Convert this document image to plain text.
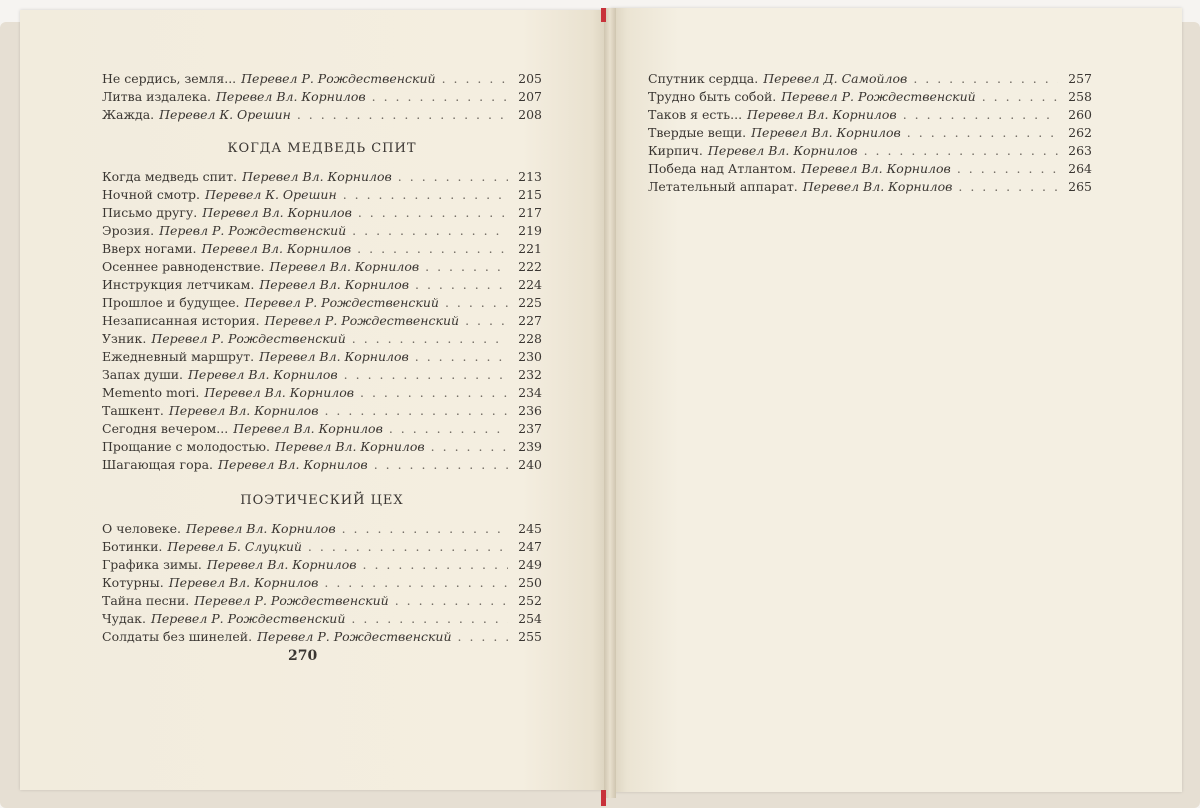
Не сердись, земля... Перевел Р. Рождественский . . .	205
Литва издалека. Перевел Вл. Корнилов . . .	207
Жажда. Перевел К. Орешин . . .	208
КОГДА МЕДВЕДЬ СПИТ
Когда медведь спит. Перевел Вл. Корнилов . . .	213
Ночной смотр. Перевел К. Орешин . . .	215
Письмо другу. Перевел Вл. Корнилов . . .	217
Эрозия. Перевл Р. Рождественский . . .	219
Вверх ногами. Перевел Вл. Корнилов . . .	221
Осеннее равноденствие. Перевел Вл. Корнилов . . .	222
Инструкция летчикам. Перевел Вл. Корнилов . . .	224
Прошлое и будущее. Перевел Р. Рождественский . . .	225
Незаписанная история. Перевел Р. Рождественский . . .	227
Узник. Перевел Р. Рождественский . . .	228
Ежедневный маршрут. Перевел Вл. Корнилов . . .	230
Запах души. Перевел Вл. Корнилов . . .	232
Memento mori. Перевел Вл. Корнилов . . .	234
Ташкент. Перевел Вл. Корнилов . . .	236
Сегодня вечером... Перевел Вл. Корнилов . . .	237
Прощание с молодостью. Перевел Вл. Корнилов . . .	239
Шагающая гора. Перевел Вл. Корнилов . . .	240
ПОЭТИЧЕСКИЙ ЦЕХ
О человеке. Перевел Вл. Корнилов . . .	245
Ботинки. Перевел Б. Слуцкий . . .	247
Графика зимы. Перевел Вл. Корнилов . . .	249
Котурны. Перевел Вл. Корнилов . . .	250
Тайна песни. Перевел Р. Рождественский . . .	252
Чудак. Перевел Р. Рождественский . . .	254
Солдаты без шинелей. Перевел Р. Рождественский . . .	255
270
Спутник сердца. Перевел Д. Самойлов . . .	257
Трудно быть собой. Перевел Р. Рождественский . . .	258
Таков я есть... Перевел Вл. Корнилов . . .	260
Твердые вещи. Перевел Вл. Корнилов . . .	262
Кирпич. Перевел Вл. Корнилов . . .	263
Победа над Атлантом. Перевел Вл. Корнилов . . .	264
Летательный аппарат. Перевел Вл. Корнилов . . .	265
